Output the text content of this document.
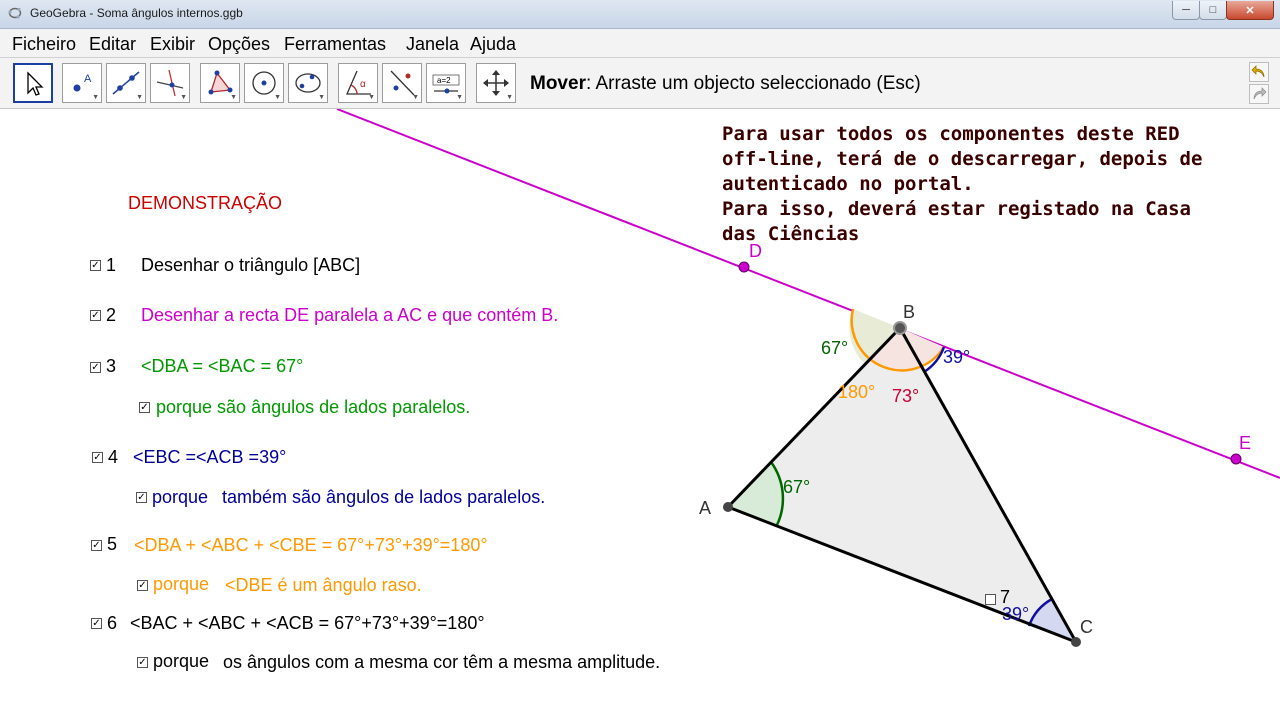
GeoGebra - Soma ângulos internos.ggb	─	□	✕
Ficheiro Editar Exibir Opções Ferramentas Janela Ajuda
A
▼	▼	▼	▼	▼	▼
α
▼	▼
a=2
▼	▼
Mover: Arraste um objecto seleccionado (Esc)
A
B
C
D
E
67°
67°
73°
39°
180°
39°
Para usar todos os componentes deste RED
off-line, terá de o descarregar, depois de
autenticado no portal.
Para isso, deverá estar registado na Casa
das Ciências
DEMONSTRAÇÃO
✓ 1 Desenhar o triângulo [ABC]
✓ 2 Desenhar a recta DE paralela a AC e que contém B.
✓ 3 <DBA = <BAC = 67°
✓ porque são ângulos de lados paralelos.
✓ 4 <EBC =<ACB =39°
✓ porque também são ângulos de lados paralelos.
✓ 5 <DBA + <ABC + <CBE = 67°+73°+39°=180°
✓ porque <DBE é um ângulo raso.
✓ 6 <BAC + <ABC + <ACB = 67°+73°+39°=180°
✓ porque os ângulos com a mesma cor têm a mesma amplitude.
7
